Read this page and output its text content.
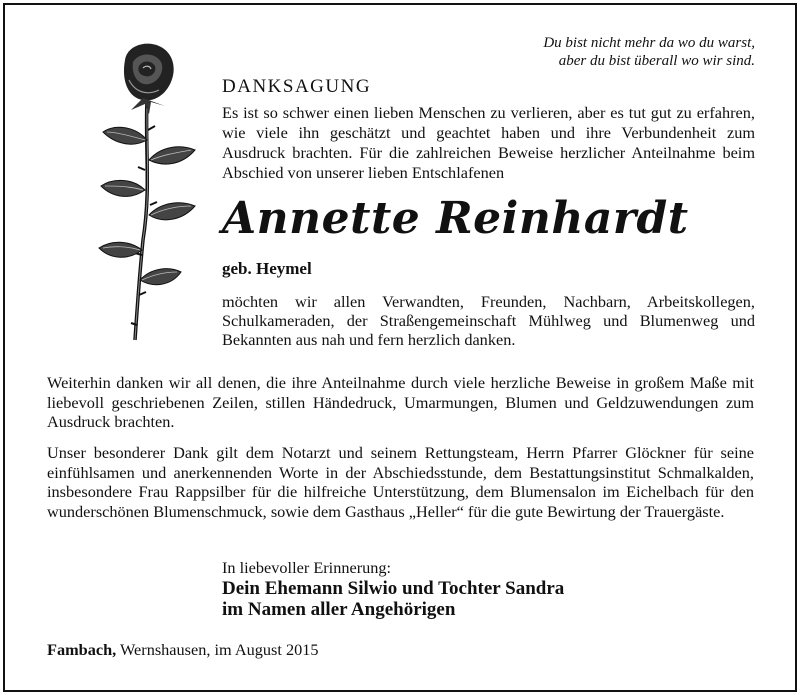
Du bist nicht mehr da wo du warst,
aber du bist überall wo wir sind.
DANKSAGUNG
Es ist so schwer einen lieben Menschen zu verlieren, aber es tut gut zu erfahren, wie viele ihn geschätzt und geachtet haben und ihre Verbundenheit zum Ausdruck brachten. Für die zahlreichen Beweise herzlicher Anteilnahme beim Abschied von unserer lieben Entschlafenen
Annette Reinhardt
geb. Heymel
möchten wir allen Verwandten, Freunden, Nachbarn, Arbeitskollegen, Schulkameraden, der Straßengemeinschaft Mühlweg und Blumenweg und Bekannten aus nah und fern herzlich danken.
Weiterhin danken wir all denen, die ihre Anteilnahme durch viele herzliche Beweise in großem Maße mit liebevoll geschriebenen Zeilen, stillen Händedruck, Umarmungen, Blumen und Geldzuwendungen zum Ausdruck brachten.
Unser besonderer Dank gilt dem Notarzt und seinem Rettungsteam, Herrn Pfarrer Glöckner für seine einfühlsamen und anerkennenden Worte in der Abschiedsstunde, dem Bestattungsinstitut Schmalkalden, insbesondere Frau Rappsilber für die hilfreiche Unterstützung, dem Blumensalon im Eichelbach für den wunderschönen Blumenschmuck, sowie dem Gasthaus „Heller“ für die gute Bewirtung der Trauergäste.
In liebevoller Erinnerung:
Dein Ehemann Silwio und Tochter Sandra
im Namen aller Angehörigen
Fambach, Wernshausen, im August 2015
